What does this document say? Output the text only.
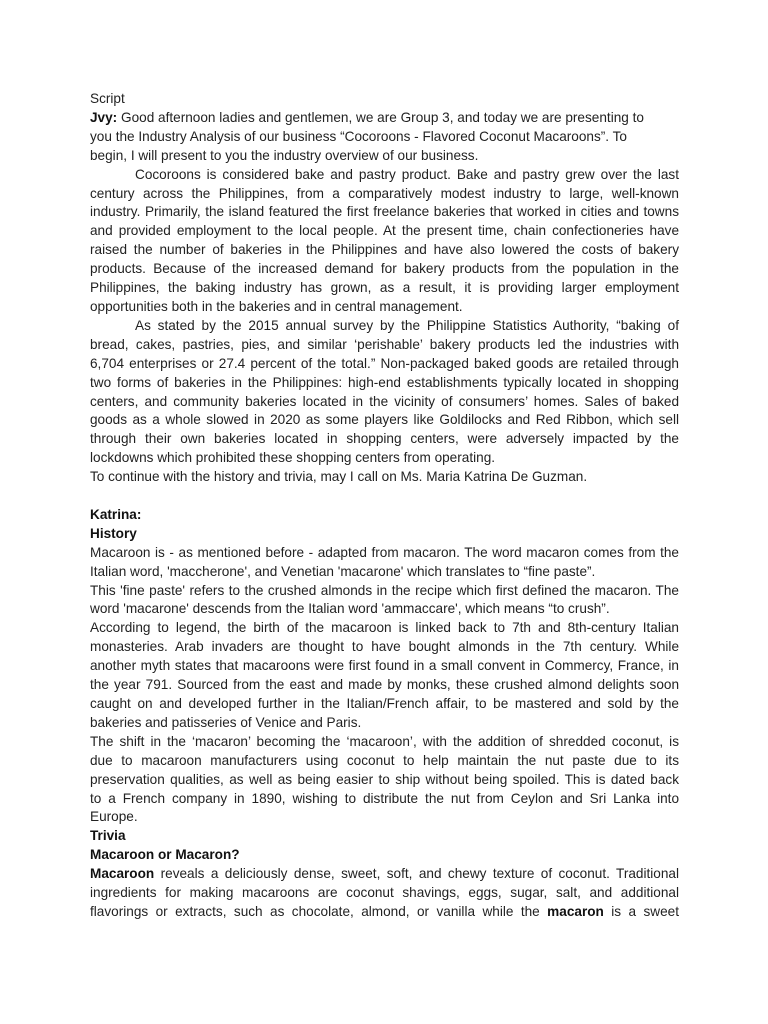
Script
Jvy: Good afternoon ladies and gentlemen, we are Group 3, and today we are presenting to
you the Industry Analysis of our business “Cocoroons - Flavored Coconut Macaroons”. To
begin, I will present to you the industry overview of our business.
Cocoroons is considered bake and pastry product. Bake and pastry grew over the last
century across the Philippines, from a comparatively modest industry to large, well-known
industry. Primarily, the island featured the first freelance bakeries that worked in cities and towns
and provided employment to the local people. At the present time, chain confectioneries have
raised the number of bakeries in the Philippines and have also lowered the costs of bakery
products. Because of the increased demand for bakery products from the population in the
Philippines, the baking industry has grown, as a result, it is providing larger employment
opportunities both in the bakeries and in central management.
As stated by the 2015 annual survey by the Philippine Statistics Authority, “baking of
bread, cakes, pastries, pies, and similar ‘perishable’ bakery products led the industries with
6,704 enterprises or 27.4 percent of the total.” Non-packaged baked goods are retailed through
two forms of bakeries in the Philippines: high-end establishments typically located in shopping
centers, and community bakeries located in the vicinity of consumers’ homes. Sales of baked
goods as a whole slowed in 2020 as some players like Goldilocks and Red Ribbon, which sell
through their own bakeries located in shopping centers, were adversely impacted by the
lockdowns which prohibited these shopping centers from operating.
To continue with the history and trivia, may I call on Ms. Maria Katrina De Guzman.
Katrina:
History
Macaroon is - as mentioned before - adapted from macaron. The word macaron comes from the
Italian word, 'maccherone', and Venetian 'macarone' which translates to “fine paste”.
This 'fine paste' refers to the crushed almonds in the recipe which first defined the macaron. The
word 'macarone' descends from the Italian word 'ammaccare', which means “to crush”.
According to legend, the birth of the macaroon is linked back to 7th and 8th-century Italian
monasteries. Arab invaders are thought to have bought almonds in the 7th century. While
another myth states that macaroons were first found in a small convent in Commercy, France, in
the year 791. Sourced from the east and made by monks, these crushed almond delights soon
caught on and developed further in the Italian/French affair, to be mastered and sold by the
bakeries and patisseries of Venice and Paris.
The shift in the ‘macaron’ becoming the ‘macaroon’, with the addition of shredded coconut, is
due to macaroon manufacturers using coconut to help maintain the nut paste due to its
preservation qualities, as well as being easier to ship without being spoiled. This is dated back
to a French company in 1890, wishing to distribute the nut from Ceylon and Sri Lanka into
Europe.
Trivia
Macaroon or Macaron?
Macaroon reveals a deliciously dense, sweet, soft, and chewy texture of coconut. Traditional
ingredients for making macaroons are coconut shavings, eggs, sugar, salt, and additional
flavorings or extracts, such as chocolate, almond, or vanilla while the macaron is a sweet
